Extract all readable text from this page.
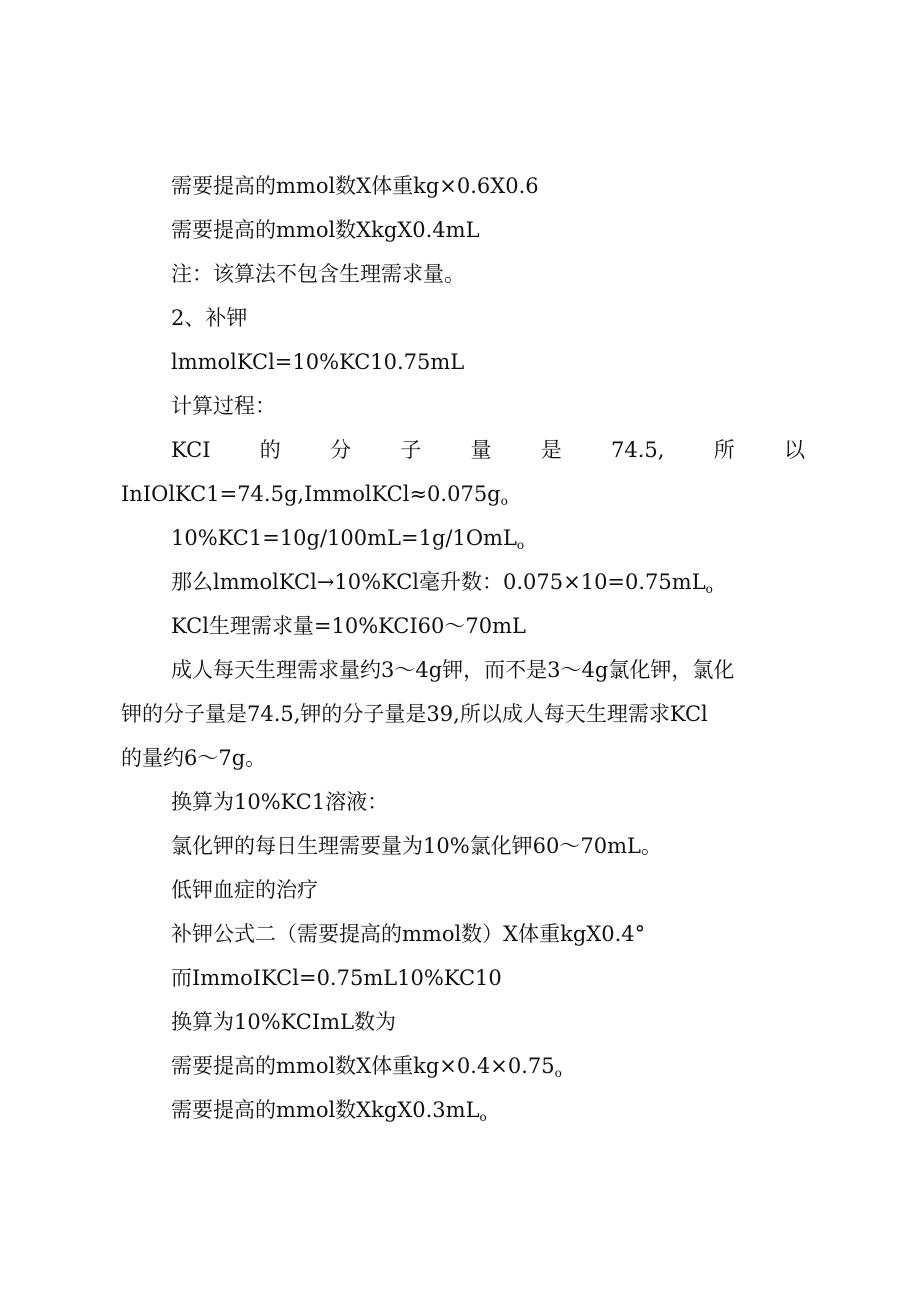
需要提高的mmol数X体重kg×0.6X0.6
需要提高的mmol数XkgX0.4mL
注：该算法不包含生理需求量。
2、补钾
lmmolKCl=10%KC10.75mL
计算过程：
KCI 的 分 子 量 是 74.5, 所 以
InIOlKC1=74.5g,ImmolKCl≈0.075go
10%KC1=10g/100mL=1g/1OmLo
那么lmmolKCl→10%KCl毫升数：0.075×10=0.75mLo
KCl生理需求量=10%KCI60～70mL
成人每天生理需求量约3～4g钾，而不是3～4g氯化钾，氯化
钾的分子量是74.5,钾的分子量是39,所以成人每天生理需求KCl
的量约6～7g。
换算为10%KC1溶液：
氯化钾的每日生理需要量为10%氯化钾60～70mL。
低钾血症的治疗
补钾公式二（需要提高的mmol数）X体重kgX0.4°
而ImmoIKCl=0.75mL10%KC10
换算为10%KCImL数为
需要提高的mmol数X体重kg×0.4×0.75o
需要提高的mmol数XkgX0.3mLo
